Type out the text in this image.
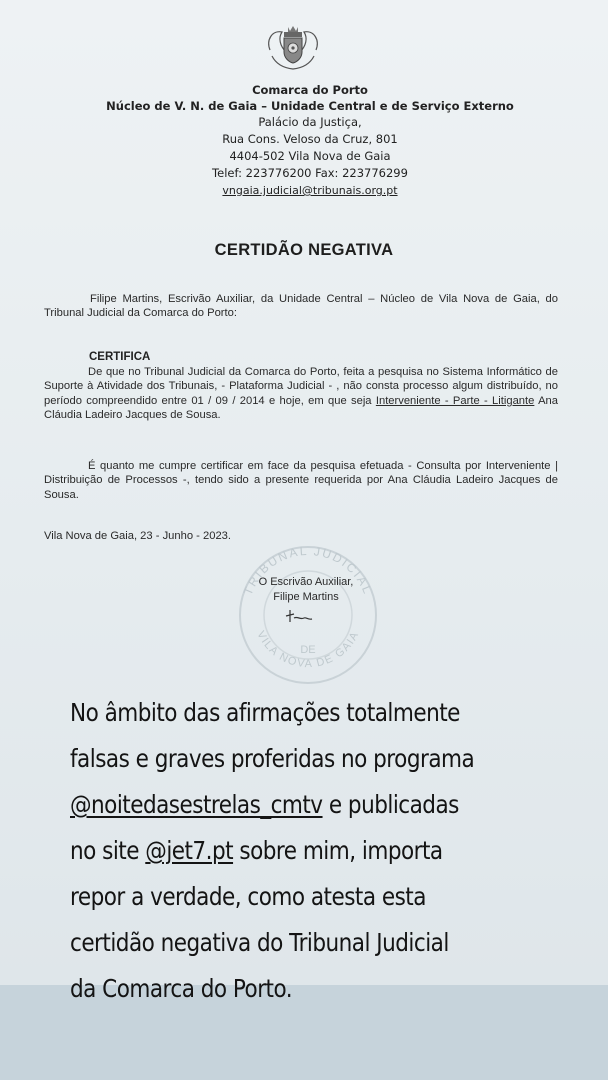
Comarca do Porto
Núcleo de V. N. de Gaia – Unidade Central e de Serviço Externo
Palácio da Justiça,
Rua Cons. Veloso da Cruz, 801
4404-502 Vila Nova de Gaia
Telef: 223776200 Fax: 223776299
vngaia.judicial@tribunais.org.pt
CERTIDÃO NEGATIVA
Filipe Martins, Escrivão Auxiliar, da Unidade Central – Núcleo de Vila Nova de Gaia, do Tribunal Judicial da Comarca do Porto:
CERTIFICA
De que no Tribunal Judicial da Comarca do Porto, feita a pesquisa no Sistema Informático de Suporte à Atividade dos Tribunais, - Plataforma Judicial - , não consta processo algum distribuído, no período compreendido entre 01 / 09 / 2014 e hoje, em que seja Interveniente - Parte - Litigante Ana Cláudia Ladeiro Jacques de Sousa.
É quanto me cumpre certificar em face da pesquisa efetuada - Consulta por Interveniente | Distribuição de Processos -, tendo sido a presente requerida por Ana Cláudia Ladeiro Jacques de Sousa.
Vila Nova de Gaia, 23 - Junho - 2023.
TRIBUNAL JUDICIAL
DE
VILA NOVA DE GAIA
O Escrivão Auxiliar,
Filipe Martins
No âmbito das afirmações totalmente
falsas e graves proferidas no programa
@noitedasestrelas_cmtv e publicadas
no site @jet7.pt sobre mim, importa
repor a verdade, como atesta esta
certidão negativa do Tribunal Judicial
da Comarca do Porto.
